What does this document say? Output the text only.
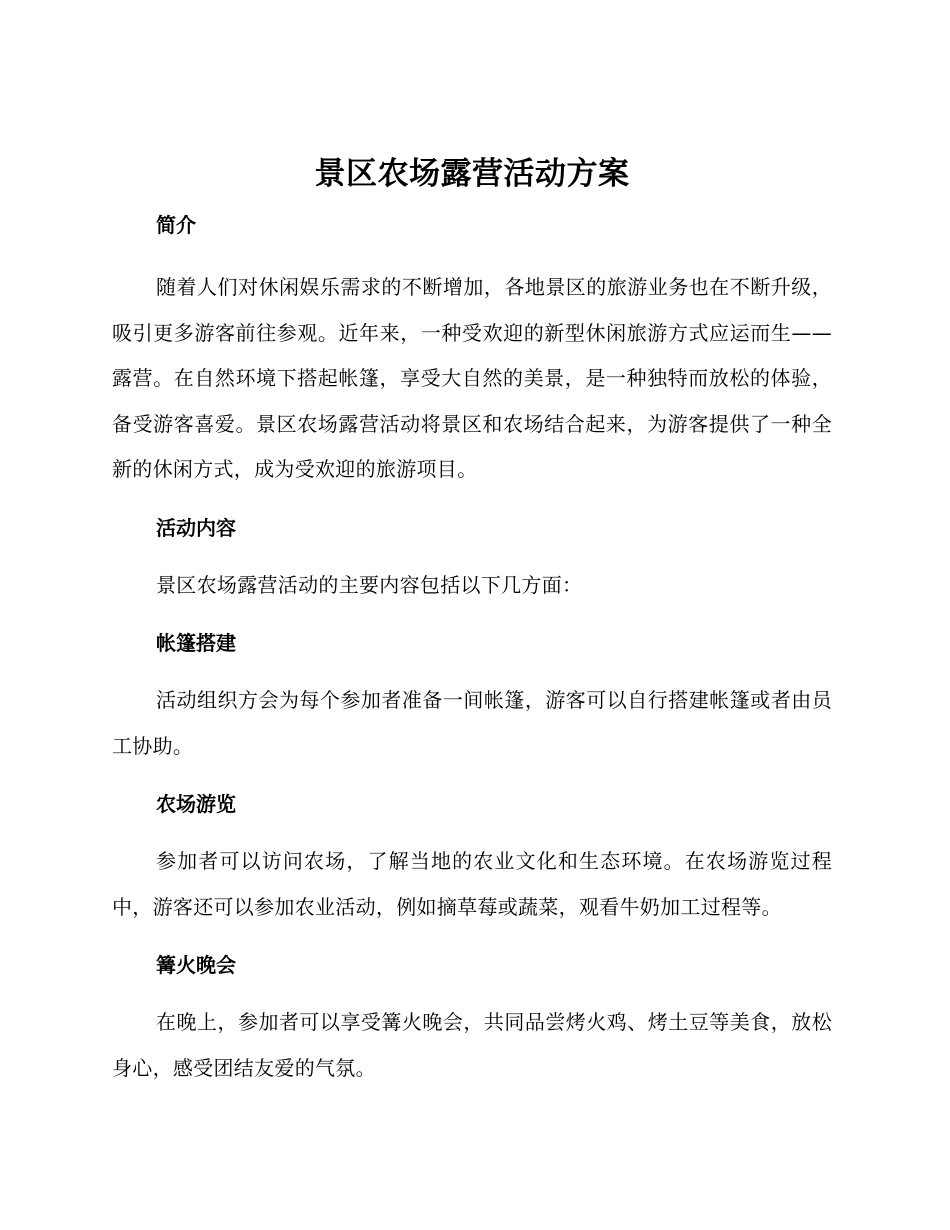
景区农场露营活动方案
简介

随着人们对休闲娱乐需求的不断增加，各地景区的旅游业务也在不断升级，吸引更多游客前往参观。近年来，一种受欢迎的新型休闲旅游方式应运而生——露营。在自然环境下搭起帐篷，享受大自然的美景，是一种独特而放松的体验，备受游客喜爱。景区农场露营活动将景区和农场结合起来，为游客提供了一种全新的休闲方式，成为受欢迎的旅游项目。

活动内容

景区农场露营活动的主要内容包括以下几方面：

帐篷搭建

活动组织方会为每个参加者准备一间帐篷，游客可以自行搭建帐篷或者由员工协助。

农场游览

参加者可以访问农场，了解当地的农业文化和生态环境。在农场游览过程中，游客还可以参加农业活动，例如摘草莓或蔬菜，观看牛奶加工过程等。

篝火晚会

在晚上，参加者可以享受篝火晚会，共同品尝烤火鸡、烤土豆等美食，放松身心，感受团结友爱的气氛。
